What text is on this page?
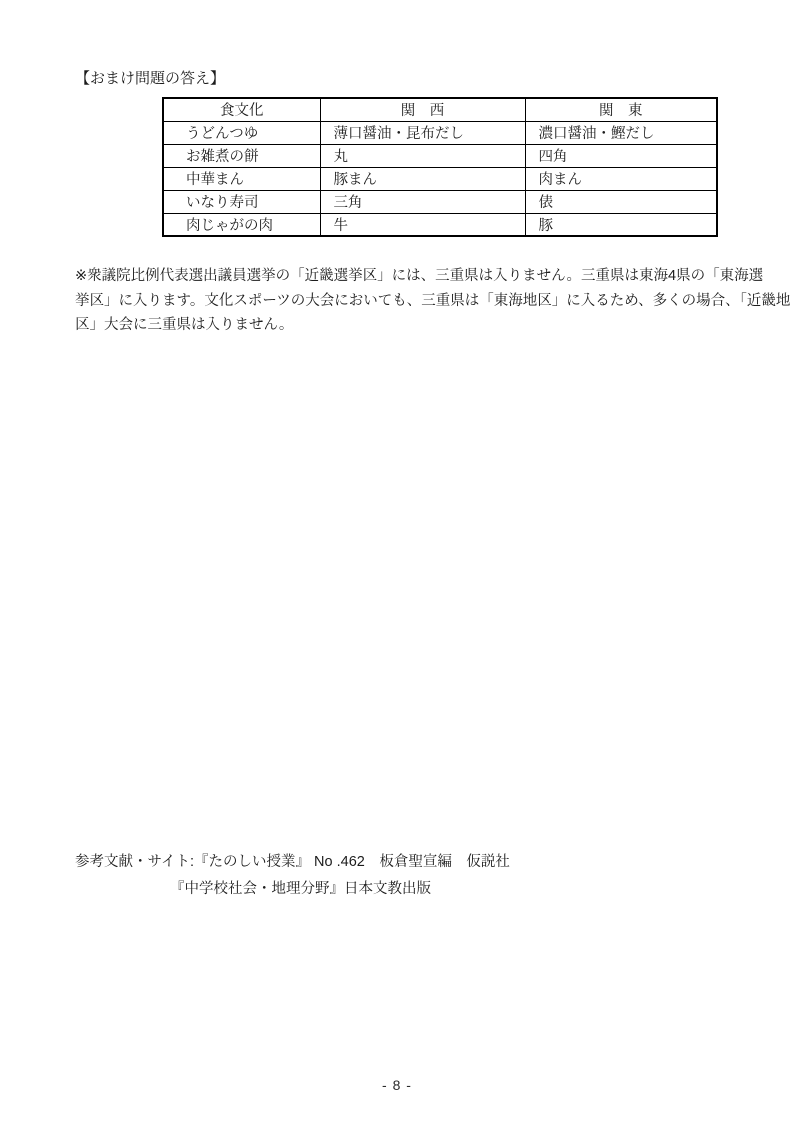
【おまけ問題の答え】
食文化	関　西	関　東
うどんつゆ	薄口醤油・昆布だし	濃口醤油・鰹だし
お雑煮の餅	丸	四角
中華まん	豚まん	肉まん
いなり寿司	三角	俵
肉じゃがの肉	牛	豚
※衆議院比例代表選出議員選挙の「近畿選挙区」には、三重県は入りません。三重県は東海4県の「東海選
挙区」に入ります。文化スポーツの大会においても、三重県は「東海地区」に入るため、多くの場合、「近畿地
区」大会に三重県は入りません。
参考文献・サイト:『たのしい授業』 No .462　板倉聖宣編　仮説社
『中学校社会・地理分野』日本文教出版
- 8 -
